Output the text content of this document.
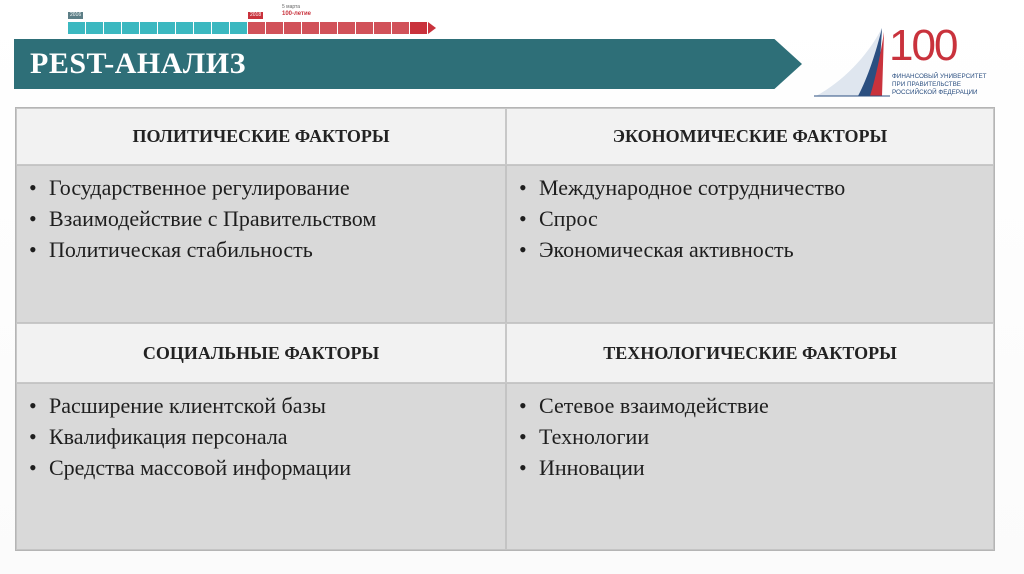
2016	2018
5 марта
100-летие
PEST-АНАЛИЗ	100
ФИНАНСОВЫЙ УНИВЕРСИТЕТ
ПРИ ПРАВИТЕЛЬСТВЕ
РОССИЙСКОЙ ФЕДЕРАЦИИ
ПОЛИТИЧЕСКИЕ ФАКТОРЫ
• Государственное регулирование
• Взаимодействие с Правительством
• Политическая стабильность
ЭКОНОМИЧЕСКИЕ ФАКТОРЫ
• Международное сотрудничество
• Спрос
• Экономическая активность
СОЦИАЛЬНЫЕ ФАКТОРЫ
• Расширение клиентской базы
• Квалификация персонала
• Средства массовой информации
ТЕХНОЛОГИЧЕСКИЕ ФАКТОРЫ
• Сетевое взаимодействие
• Технологии
• Инновации
